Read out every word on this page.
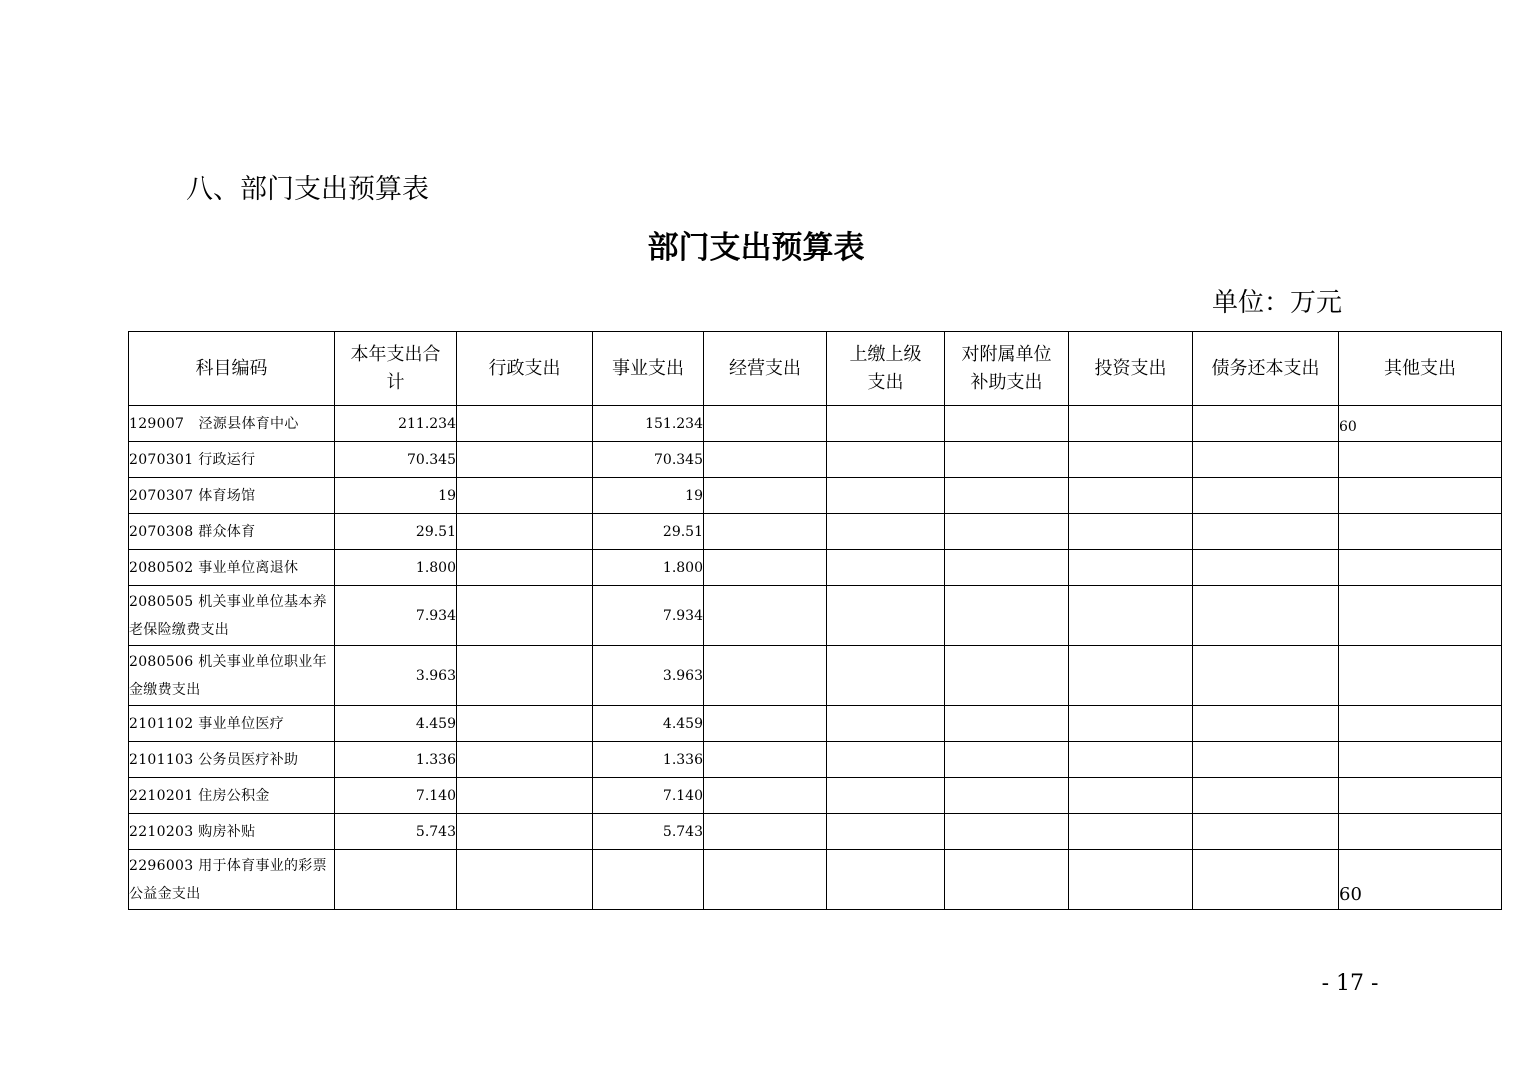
八、部门支出预算表
部门支出预算表
单位：万元
科目编码	本年支出合计	行政支出	事业支出	经营支出	上缴上级支出	对附属单位补助支出	投资支出	债务还本支出	其他支出
129007　泾源县体育中心	211.234		151.234						60
2070301 行政运行	70.345		70.345						
2070307 体育场馆	19		19						
2070308 群众体育	29.51		29.51						
2080502 事业单位离退休	1.800		1.800						
2080505 机关事业单位基本养老保险缴费支出	7.934		7.934						
2080506 机关事业单位职业年金缴费支出	3.963		3.963						
2101102 事业单位医疗	4.459		4.459						
2101103 公务员医疗补助	1.336		1.336						
2210201 住房公积金	7.140		7.140						
2210203 购房补贴	5.743		5.743						
2296003 用于体育事业的彩票公益金支出									60
- 17 -
